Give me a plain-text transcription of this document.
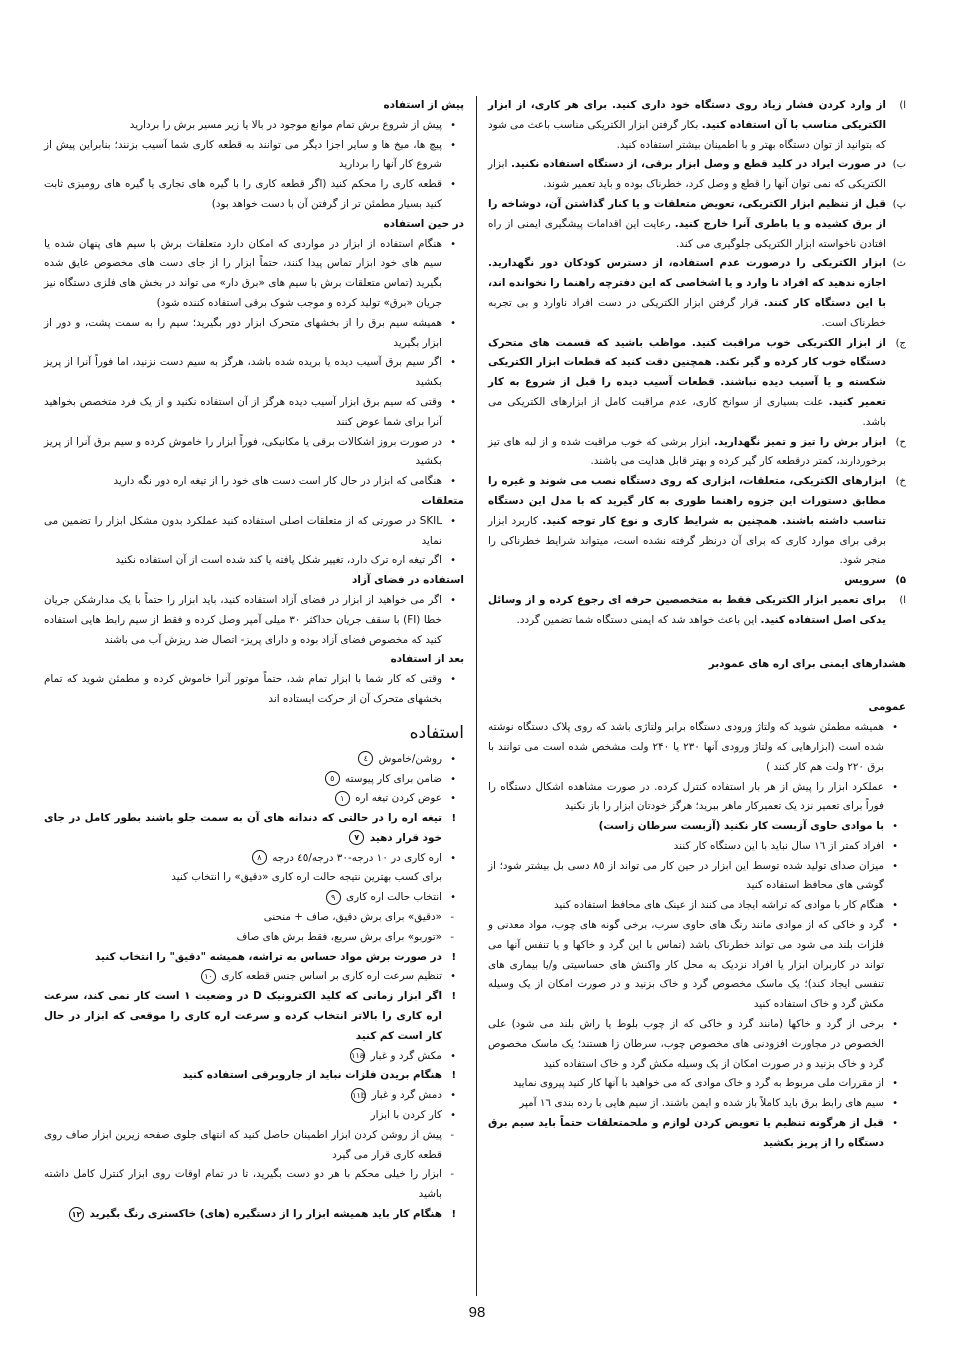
ا)
از وارد کردن فشار زیاد روی دستگاه خود داری کنید. برای هر کاری، از ابزار الکتریکی مناسب با آن استفاده کنید. بکار گرفتن ابزار الکتریکی مناسب باعث می شود که بتوانید از توان دستگاه بهتر و با اطمینان بیشتر استفاده کنید.

ب)
در صورت ایراد در کلید قطع و وصل ابزار برقی، از دستگاه استفاده نکنید. ابزار الکتریکی که نمی توان آنها را قطع و وصل کرد، خطرناک بوده و باید تعمیر شوند.

پ)
قبل از تنظیم ابزار الکتریکی، تعویض متعلقات و یا کنار گذاشتن آن، دوشاخه را از برق کشیده و یا باطری آنرا خارج کنید. رعایت این اقدامات پیشگیری ایمنی از راه افتادن ناخواسته ابزار الکتریکی جلوگیری می کند.

ث)
ابزار الکتریکی را درصورت عدم استفاده، از دسترس کودکان دور نگهدارید. اجازه ندهید که افراد نا وارد و یا اشخاصی که این دفترچه راهنما را نخوانده اند، با این دستگاه کار کنند. قرار گرفتن ابزار الکتریکی در دست افراد ناوارد و بی تجربه خطرناک است.

ج)
از ابزار الکتریکی خوب مراقبت کنید. مواظب باشید که قسمت های متحرک دستگاه خوب کار کرده و گیر نکند. همچنین دقت کنید که قطعات ابزار الکتریکی شکسته و یا آسیب دیده نباشند. قطعات آسیب دیده را قبل از شروع به کار تعمیر کنید. علت بسیاری از سوانح کاری، عدم مراقبت کامل از ابزارهای الکتریکی می باشد.

ح)
ابزار برش را تیز و تمیز نگهدارید. ابزار برشی که خوب مراقبت شده و از لبه های تیز برخوردارند، کمتر درقطعه کار گیر کرده و بهتر قابل هدایت می باشند.

خ)
ابزارهای الکتریکی، متعلقات، ابزاری که روی دستگاه نصب می شوند و غیره را مطابق دستورات این جزوه راهنما طوری به کار گیرید که با مدل این دستگاه تناسب داشته باشند. همچنین به شرایط کاری و نوع کار توجه کنید. کاربرد ابزار برقی برای موارد کاری که برای آن درنظر گرفته نشده است، میتواند شرایط خطرناکی را منجر شود.

۵)
سرویس

ا)
برای تعمیر ابزار الکتریکی فقط به متخصصین حرفه ای رجوع کرده و از وسائل یدکی اصل استفاده کنید. این باعث خواهد شد که ایمنی دستگاه شما تضمین گردد.

هشدارهای ایمنی برای اره های عمودبر

عمومی

• همیشه مطمئن شوید که ولتاژ ورودی دستگاه برابر ولتاژی باشد که روی پلاک دستگاه نوشته شده است (ابزارهایی که ولتاژ ورودی آنها ۲۳۰ یا ۲۴۰ ولت مشخص شده است می توانند با برق ۲۲۰ ولت هم کار کنند )
• عملکرد ابزار را پیش از هر بار استفاده کنترل کرده. در صورت مشاهده اشکال دستگاه را فوراً برای تعمیر نزد یک تعمیرکار ماهر ببرید؛ هرگز خودتان ابزار را باز نکنید
• با موادی حاوی آزبست کار نکنید (آزبست سرطان زاست)
• افراد کمتر از ١٦ سال نباید با این دستگاه کار کنند
• میزان صدای تولید شده توسط این ابزار در حین کار می تواند از ٨٥ دسی بل بیشتر شود؛ از گوشی های محافظ استفاده کنید
• هنگام کار با موادی که تراشه ایجاد می کنند از عینک های محافظ استفاده کنید
• گرد و خاکی که از موادی مانند رنگ های حاوی سرب، برخی گونه های چوب، مواد معدنی و فلزات بلند می شود می تواند خطرناک باشد (تماس با این گرد و خاکها و یا تنفس آنها می تواند در کاربران ابزار یا افراد نزدیک به محل کار واکنش های حساسیتی و/یا بیماری های تنفسی ایجاد کند)؛ یک ماسک مخصوص گرد و خاک بزنید و در صورت امکان از یک وسیله مکش گرد و خاک استفاده کنید
• برخی از گرد و خاکها (مانند گرد و خاکی که از چوب بلوط یا راش بلند می شود) علی الخصوص در مجاورت افزودنی های مخصوص چوب، سرطان زا هستند؛ یک ماسک مخصوص گرد و خاک بزنید و در صورت امکان از یک وسیله مکش گرد و خاک استفاده کنید
• از مقررات ملی مربوط به گرد و خاک موادی که می خواهید با آنها کار کنید پیروی نمایید
• سیم های رابط برق باید کاملاً باز شده و ایمن باشند. از سیم هایی با رده بندی ١٦ آمپر
• قبل از هرگونه تنظیم یا تعویض کردن لوازم و ملحمتعلقات حتماً باید سیم برق دستگاه را از پریز بکشید

پیش از استفاده

• پیش از شروع برش تمام موانع موجود در بالا یا زیر مسیر برش را بردارید
• پیچ ها، میخ ها و سایر اجزا دیگر می توانند به قطعه کاری شما آسیب بزنند؛ بنابراین پیش از شروع کار آنها را بردارید
• قطعه کاری را محکم کنید (اگر قطعه کاری را با گیره های تجاری یا گیره های رومیزی ثابت کنید بسیار مطمئن تر از گرفتن آن با دست خواهد بود)

در حین استفاده

• هنگام استفاده از ابزار در مواردی که امکان دارد متعلقات برش با سیم های پنهان شده یا سیم های خود ابزار تماس پیدا کنند، حتماً ابزار را از جای دست های مخصوص عایق شده بگیرید (تماس متعلقات برش با سیم های «برق دار» می تواند در بخش های فلزی دستگاه نیز جریان «برق» تولید کرده و موجب شوک برقی استفاده کننده شود)
• همیشه سیم برق را از بخشهای متحرک ابزار دور بگیرید؛ سیم را به سمت پشت، و دور از ابزار بگیرید
• اگر سیم برق آسیب دیده یا بریده شده باشد، هرگز به سیم دست نزنید، اما فوراً آنرا از پریز بکشید
• وقتی که سیم برق ابزار آسیب دیده هرگز از آن استفاده نکنید و از یک فرد متخصص بخواهید آنرا برای شما عوض کنند
• در صورت بروز اشکالات برقی یا مکانیکی، فوراً ابزار را خاموش کرده و سیم برق آنرا از پریز بکشید
• هنگامی که ابزار در حال کار است دست های خود را از تیغه اره دور نگه دارید

متعلقات

• SKIL در صورتی که از متعلقات اصلی استفاده کنید عملکرد بدون مشکل ابزار را تضمین می نماید
• اگر تیغه اره ترک دارد، تغییر شکل یافته یا کند شده است از آن استفاده نکنید

استفاده در فضای آزاد

• اگر می خواهید از ابزار در فضای آزاد استفاده کنید، باید ابزار را حتماً با یک مدارشکن جریان خطا (FI) با سقف جریان حداکثر ٣٠ میلی آمپر وصل کرده و فقط از سیم رابط هایی استفاده کنید که مخصوص فضای آزاد بوده و دارای پریز- اتصال ضد ریزش آب می باشند

بعد از استفاده

• وقتی که کار شما با ابزار تمام شد، حتماً موتور آنرا خاموش کرده و مطمئن شوید که تمام بخشهای متحرک آن از حرکت ایستاده اند

استفاده

• روشن/خاموش ٤
• ضامن برای کار پیوسته ٥
• عوض کردن تیغه اره ١
! تیغه اره را در حالتی که دندانه های آن به سمت جلو باشند بطور کامل در جای خود قرار دهید ٧
• اره کاری در ١٠ درجه-٣٠ درجه/٤٥ درجه ٨
برای کسب بهترین نتیجه حالت اره کاری «دقیق» را انتخاب کنید
• انتخاب حالت اره کاری ٩
- «دقیق» برای برش دقیق، صاف + منحنی
- «توربو» برای برش سریع، فقط برش های صاف
! در صورت برش مواد حساس به تراشه، همیشه "دقیق" را انتخاب کنید
• تنظیم سرعت اره کاری بر اساس جنس قطعه کاری ١٠
! اگر ابزار زمانی که کلید الکترونیک D در وضعیت ١ است کار نمی کند، سرعت اره کاری را بالاتر انتخاب کرده و سرعت اره کاری را موقعی که ابزار در حال کار است کم کنید
• مکش گرد و غبار ١١a
! هنگام بریدن فلزات نباید از جاروبرقی استفاده کنید
• دمش گرد و غبار ١١b
• کار کردن با ابزار
- پیش از روشن کردن ابزار اطمینان حاصل کنید که انتهای جلوی صفحه زیرین ابزار صاف روی قطعه کاری قرار می گیرد
- ابزار را خیلی محکم با هر دو دست بگیرید، تا در تمام اوقات روی ابزار کنترل کامل داشته باشید
! هنگام کار باید همیشه ابزار را از دستگیره (های) خاکستری رنگ بگیرید ١٢
98
